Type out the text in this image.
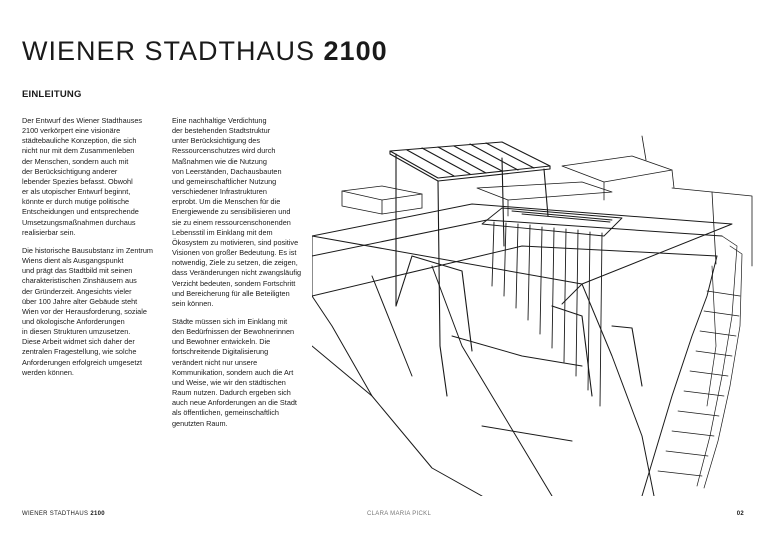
WIENER STADTHAUS 2100
EINLEITUNG

Der Entwurf des Wiener Stadthauses
2100 verkörpert eine visionäre
städtebauliche Konzeption, die sich
nicht nur mit dem Zusammenleben
der Menschen, sondern auch mit
der Berücksichtigung anderer
lebender Spezies befasst. Obwohl
er als utopischer Entwurf beginnt,
könnte er durch mutige politische
Entscheidungen und entsprechende
Umsetzungsmaßnahmen durchaus
realisierbar sein.

Die historische Bausubstanz im Zentrum
Wiens dient als Ausgangspunkt
und prägt das Stadtbild mit seinen
charakteristischen Zinshäusern aus
der Gründerzeit. Angesichts vieler
über 100 Jahre alter Gebäude steht
Wien vor der Herausforderung, soziale
und ökologische Anforderungen
in diesen Strukturen umzusetzen.
Diese Arbeit widmet sich daher der
zentralen Fragestellung, wie solche
Anforderungen erfolgreich umgesetzt
werden können.

Eine nachhaltige Verdichtung
der bestehenden Stadtstruktur
unter Berücksichtigung des
Ressourcenschutzes wird durch
Maßnahmen wie die Nutzung
von Leerständen, Dachausbauten
und gemeinschaftlicher Nutzung
verschiedener Infrastrukturen
erprobt. Um die Menschen für die
Energiewende zu sensibilisieren und
sie zu einem ressourcenschonenden
Lebensstil im Einklang mit dem
Ökosystem zu motivieren, sind positive
Visionen von großer Bedeutung. Es ist
notwendig, Ziele zu setzen, die zeigen,
dass Veränderungen nicht zwangsläufig
Verzicht bedeuten, sondern Fortschritt
und Bereicherung für alle Beteiligten
sein können.

Städte müssen sich im Einklang mit
den Bedürfnissen der Bewohnerinnen
und Bewohner entwickeln. Die
fortschreitende Digitalisierung
verändert nicht nur unsere
Kommunikation, sondern auch die Art
und Weise, wie wir den städtischen
Raum nutzen. Dadurch ergeben sich
auch neue Anforderungen an die Stadt
als öffentlichen, gemeinschaftlich
genutzten Raum.

WIENER STADTHAUS 2100	CLARA MARIA PICKL	02
